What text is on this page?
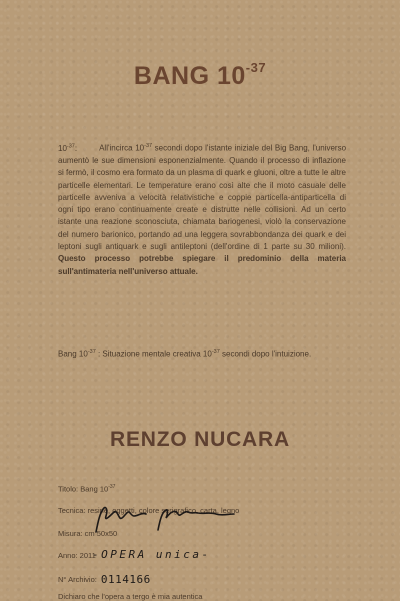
BANG $10^{-37}$
$10^{-37}$:	All'incirca $10^{-37}$ secondi dopo l'istante iniziale del Big Bang, l'universo aumentò le sue dimensioni esponenzialmente. Quando il processo di inflazione si fermò, il cosmo era formato da un plasma di quark e gluoni, oltre a tutte le altre particelle elementari. Le temperature erano così alte che il moto casuale delle particelle avveniva a velocità relativistiche e coppie particella-antiparticella di ogni tipo erano continuamente create e distrutte nelle collisioni. Ad un certo istante una reazione sconosciuta, chiamata bariogenesi, violò la conservazione del numero barionico, portando ad una leggera sovrabbondanza dei quark e dei leptoni sugli antiquark e sugli antileptoni (dell'ordine di 1 parte su 30 milioni). Questo processo potrebbe spiegare il predominio della materia sull'antimateria nell'universo attuale.
Bang $10^{-37}$ : Situazione mentale creativa $10^{-37}$ secondi dopo l'intuizione.
RENZO NUCARA
Titolo: Bang $10^{-37}$
Tecnica: resine, oggetti, colore serigrafico, carta, legno
Misura: cm 50x50
Anno: 2011
N° Archivio: 0114166
Dichiaro che l'opera a tergo è mia autentica
-OPERA unica-
